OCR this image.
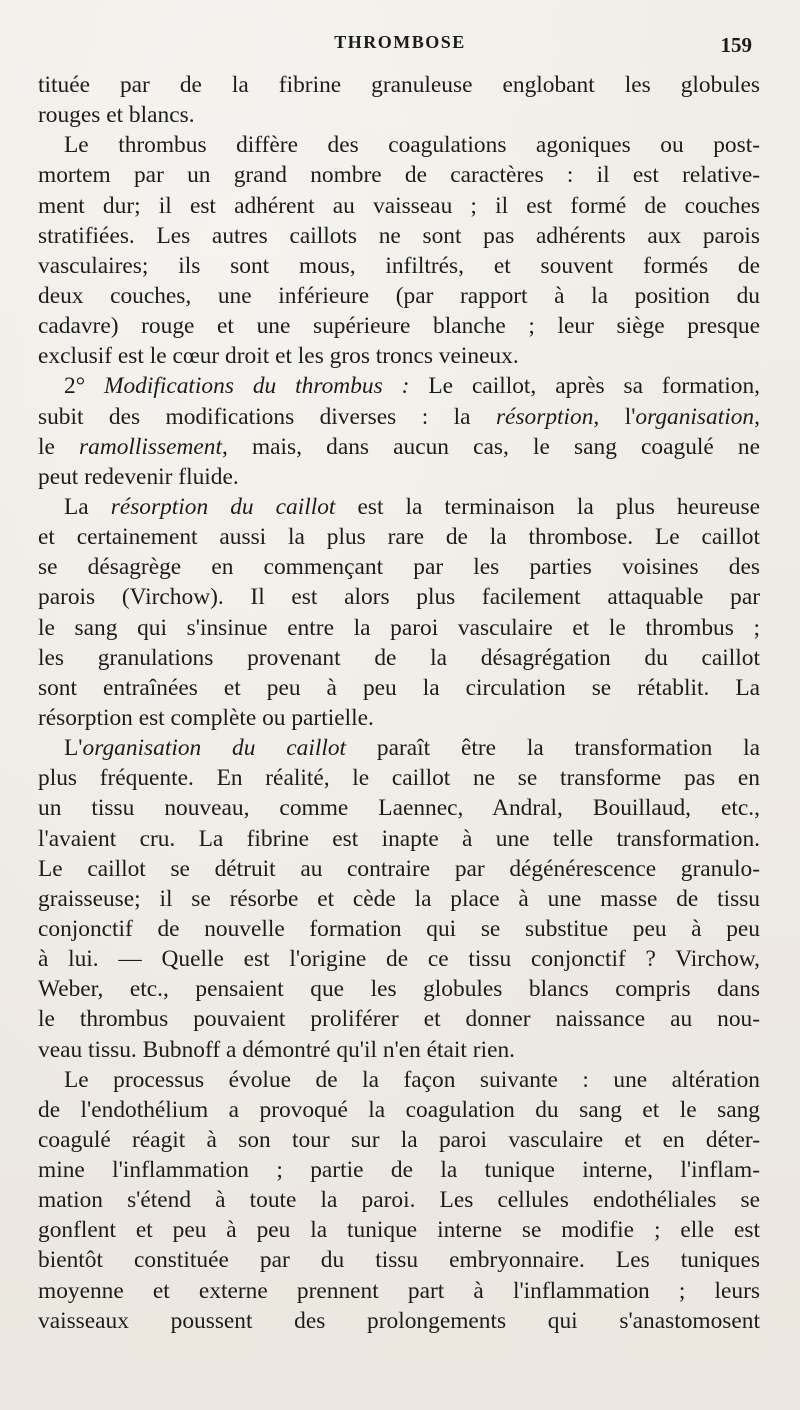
THROMBOSE	159
tituée par de la fibrine granuleuse englobant les globules
rouges et blancs.
Le thrombus diffère des coagulations agoniques ou post-
mortem par un grand nombre de caractères : il est relative-
ment dur; il est adhérent au vaisseau ; il est formé de couches
stratifiées. Les autres caillots ne sont pas adhérents aux parois
vasculaires; ils sont mous, infiltrés, et souvent formés de
deux couches, une inférieure (par rapport à la position du
cadavre) rouge et une supérieure blanche ; leur siège presque
exclusif est le cœur droit et les gros troncs veineux.
2° Modifications du thrombus : Le caillot, après sa formation,
subit des modifications diverses : la résorption, l'organisation,
le ramollissement, mais, dans aucun cas, le sang coagulé ne
peut redevenir fluide.
La résorption du caillot est la terminaison la plus heureuse
et certainement aussi la plus rare de la thrombose. Le caillot
se désagrège en commençant par les parties voisines des
parois (Virchow). Il est alors plus facilement attaquable par
le sang qui s'insinue entre la paroi vasculaire et le thrombus ;
les granulations provenant de la désagrégation du caillot
sont entraînées et peu à peu la circulation se rétablit. La
résorption est complète ou partielle.
L'organisation du caillot paraît être la transformation la
plus fréquente. En réalité, le caillot ne se transforme pas en
un tissu nouveau, comme Laennec, Andral, Bouillaud, etc.,
l'avaient cru. La fibrine est inapte à une telle transformation.
Le caillot se détruit au contraire par dégénérescence granulo-
graisseuse; il se résorbe et cède la place à une masse de tissu
conjonctif de nouvelle formation qui se substitue peu à peu
à lui. — Quelle est l'origine de ce tissu conjonctif ? Virchow,
Weber, etc., pensaient que les globules blancs compris dans
le thrombus pouvaient proliférer et donner naissance au nou-
veau tissu. Bubnoff a démontré qu'il n'en était rien.
Le processus évolue de la façon suivante : une altération
de l'endothélium a provoqué la coagulation du sang et le sang
coagulé réagit à son tour sur la paroi vasculaire et en déter-
mine l'inflammation ; partie de la tunique interne, l'inflam-
mation s'étend à toute la paroi. Les cellules endothéliales se
gonflent et peu à peu la tunique interne se modifie ; elle est
bientôt constituée par du tissu embryonnaire. Les tuniques
moyenne et externe prennent part à l'inflammation ; leurs
vaisseaux poussent des prolongements qui s'anastomosent
